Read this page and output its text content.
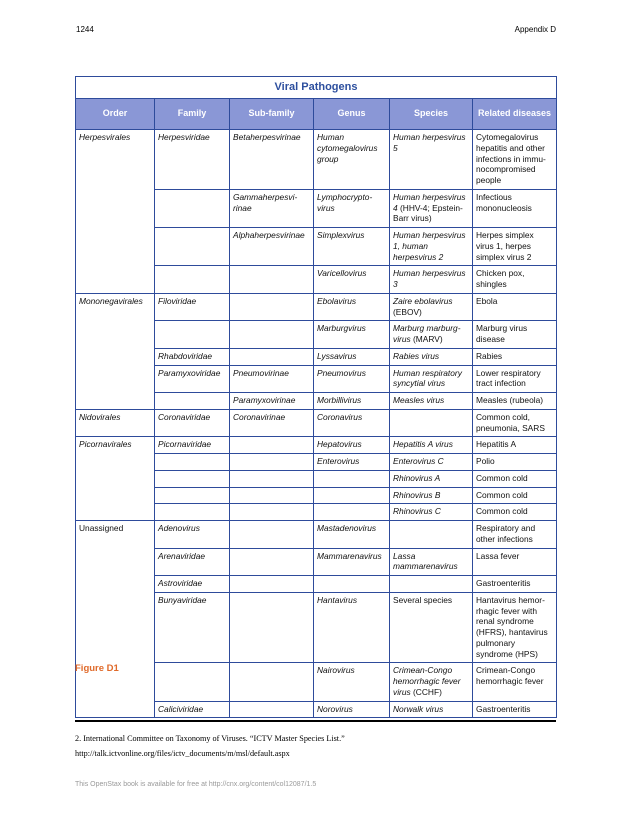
1244	Appendix D
Viral Pathogens					
Order	Family	Sub-family	Genus	Species	Related diseases
Herpesvirales	Herpesviridae	Betaherpesvirinae	Human cytomegalovirus group	Human herpesvirus 5	Cytomegalovirus hepatitis and other infections in immu-nocompromised people
		Gammaherpesvi-rinae	Lymphocrypto-virus	Human herpesvirus 4 (HHV-4; Epstein-Barr virus)	Infectious mononucleosis
		Alphaherpesvirinae	Simplexvirus	Human herpesvirus 1, human herpesvirus 2	Herpes simplex virus 1, herpes simplex virus 2
			Varicellovirus	Human herpesvirus 3	Chicken pox, shingles
Mononegavirales	Filoviridae		Ebolavirus	Zaire ebolavirus (EBOV)	Ebola
			Marburgvirus	Marburg marburg-virus (MARV)	Marburg virus disease
	Rhabdoviridae		Lyssavirus	Rabies virus	Rabies
	Paramyxoviridae	Pneumovirinae	Pneumovirus	Human respiratory syncytial virus	Lower respiratory tract infection
		Paramyxovirinae	Morbillivirus	Measles virus	Measles (rubeola)
Nidovirales	Coronaviridae	Coronavirinae	Coronavirus		Common cold, pneumonia, SARS
Picornavirales	Picornaviridae		Hepatovirus	Hepatitis A virus	Hepatitis A
			Enterovirus	Enterovirus C	Polio
				Rhinovirus A	Common cold
				Rhinovirus B	Common cold
				Rhinovirus C	Common cold
Unassigned	Adenovirus		Mastadenovirus		Respiratory and other infections
	Arenaviridae		Mammarenavirus	Lassa mammarenavirus	Lassa fever
	Astroviridae				Gastroenteritis
	Bunyaviridae		Hantavirus	Several species	Hantavirus hemor-rhagic fever with renal syndrome (HFRS), hantavirus pulmonary syndrome (HPS)
			Nairovirus	Crimean-Congo hemorrhagic fever virus (CCHF)	Crimean-Congo hemorrhagic fever
	Caliciviridae		Norovirus	Norwalk virus	Gastroenteritis
Figure D1
2. International Committee on Taxonomy of Viruses. “ICTV Master Species List.” http://talk.ictvonline.org/files/ictv_documents/m/msl/default.aspx
This OpenStax book is available for free at http://cnx.org/content/col12087/1.5
